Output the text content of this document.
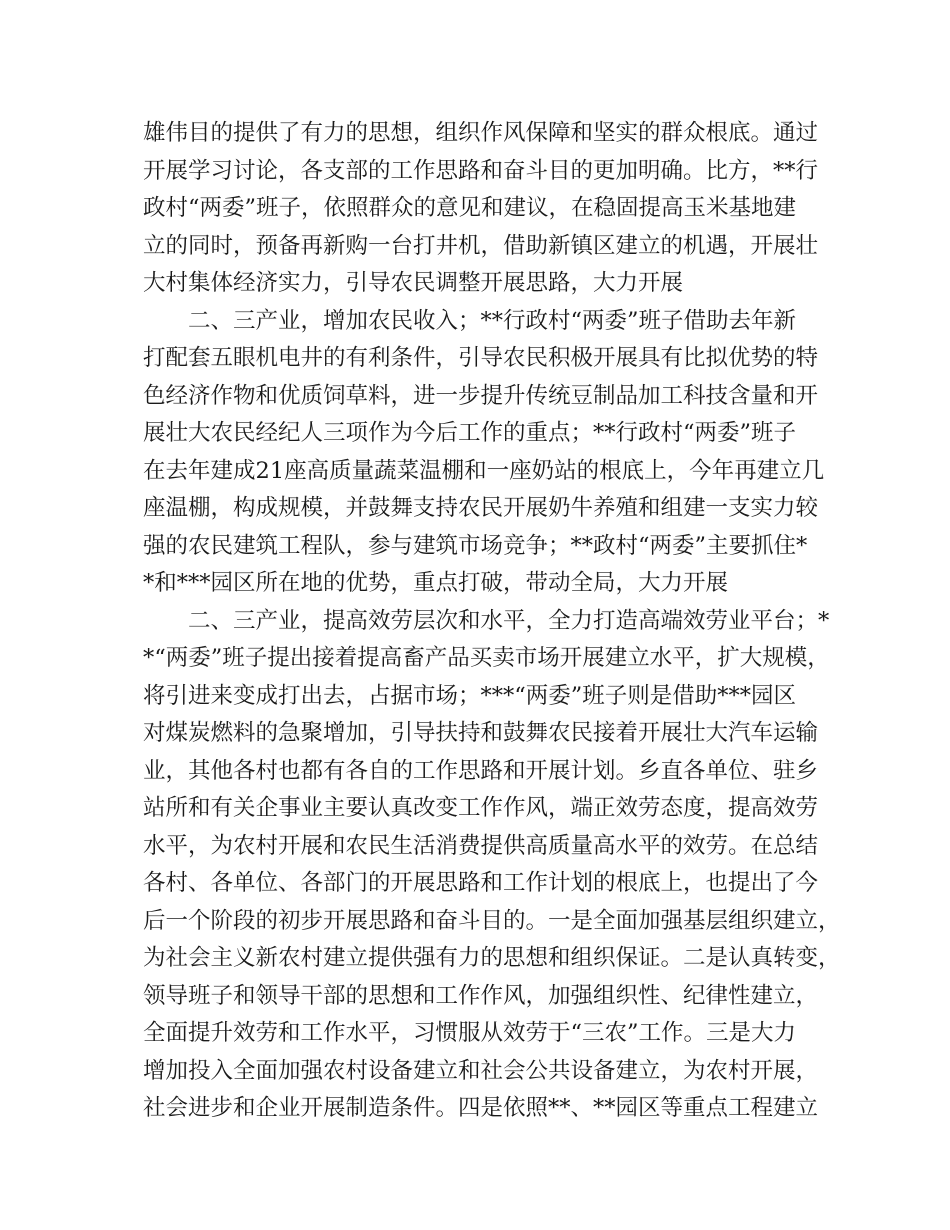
雄伟目的提供了有力的思想，组织作风保障和坚实的群众根底。通过
开展学习讨论，各支部的工作思路和奋斗目的更加明确。比方，**行
政村“两委”班子，依照群众的意见和建议，在稳固提高玉米基地建
立的同时，预备再新购一台打井机，借助新镇区建立的机遇，开展壮
大村集体经济实力，引导农民调整开展思路，大力开展
　　二、三产业，增加农民收入；**行政村“两委”班子借助去年新
打配套五眼机电井的有利条件，引导农民积极开展具有比拟优势的特
色经济作物和优质饲草料，进一步提升传统豆制品加工科技含量和开
展壮大农民经纪人三项作为今后工作的重点；**行政村“两委”班子
在去年建成21座高质量蔬菜温棚和一座奶站的根底上，今年再建立几
座温棚，构成规模，并鼓舞支持农民开展奶牛养殖和组建一支实力较
强的农民建筑工程队，参与建筑市场竞争；**政村“两委”主要抓住*
*和***园区所在地的优势，重点打破，带动全局，大力开展
　　二、三产业，提高效劳层次和水平，全力打造高端效劳业平台；*
*“两委”班子提出接着提高畜产品买卖市场开展建立水平，扩大规模，
将引进来变成打出去，占据市场；***“两委”班子则是借助***园区
对煤炭燃料的急聚增加，引导扶持和鼓舞农民接着开展壮大汽车运输
业，其他各村也都有各自的工作思路和开展计划。乡直各单位、驻乡
站所和有关企事业主要认真改变工作作风，端正效劳态度，提高效劳
水平，为农村开展和农民生活消费提供高质量高水平的效劳。在总结
各村、各单位、各部门的开展思路和工作计划的根底上，也提出了今
后一个阶段的初步开展思路和奋斗目的。一是全面加强基层组织建立，
为社会主义新农村建立提供强有力的思想和组织保证。二是认真转变，
领导班子和领导干部的思想和工作作风，加强组织性、纪律性建立，
全面提升效劳和工作水平，习惯服从效劳于“三农”工作。三是大力
增加投入全面加强农村设备建立和社会公共设备建立，为农村开展，
社会进步和企业开展制造条件。四是依照**、**园区等重点工程建立
